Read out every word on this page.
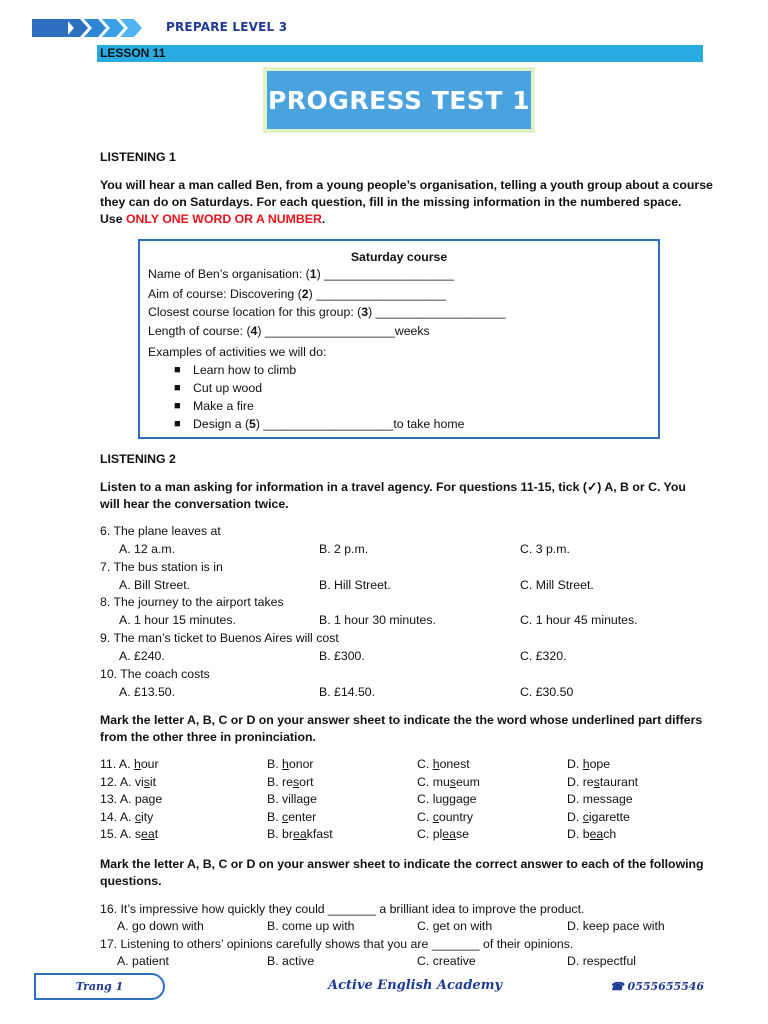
PREPARE LEVEL 3
LESSON 11
PROGRESS TEST 1
LISTENING 1
You will hear a man called Ben, from a young people’s organisation, telling a youth group about a course
they can do on Saturdays. For each question, fill in the missing information in the numbered space.
Use ONLY ONE WORD OR A NUMBER.
Saturday course
Name of Ben’s organisation: (1) ___________________
Aim of course: Discovering (2) ___________________
Closest course location for this group: (3) ___________________
Length of course: (4) ___________________weeks
Examples of activities we will do:
■ Learn how to climb
■ Cut up wood
■ Make a fire
■ Design a (5) ___________________to take home
LISTENING 2
Listen to a man asking for information in a travel agency. For questions 11-15, tick (✓) A, B or C. You
will hear the conversation twice.
6. The plane leaves at
A. 12 a.m.	B. 2 p.m.	C. 3 p.m.
7. The bus station is in
A. Bill Street.	B. Hill Street.	C. Mill Street.
8. The journey to the airport takes
A. 1 hour 15 minutes.	B. 1 hour 30 minutes.	C. 1 hour 45 minutes.
9. The man’s ticket to Buenos Aires will cost
A. £240.	B. £300.	C. £320.
10. The coach costs
A. £13.50.	B. £14.50.	C. £30.50
Mark the letter A, B, C or D on your answer sheet to indicate the the word whose underlined part differs
from the other three in proninciation.
11. A. hour	B. honor	C. honest	D. hope
12. A. visit	B. resort	C. museum	D. restaurant
13. A. page	B. village	C. luggage	D. message
14. A. city	B. center	C. country	D. cigarette
15. A. seat	B. breakfast	C. please	D. beach
Mark the letter A, B, C or D on your answer sheet to indicate the correct answer to each of the following
questions.
16. It’s impressive how quickly they could _______ a brilliant idea to improve the product.
A. go down with	B. come up with	C. get on with	D. keep pace with
17. Listening to others’ opinions carefully shows that you are _______ of their opinions.
A. patient	B. active	C. creative	D. respectful
Trang 1	Active English Academy	☎ 0555655546
